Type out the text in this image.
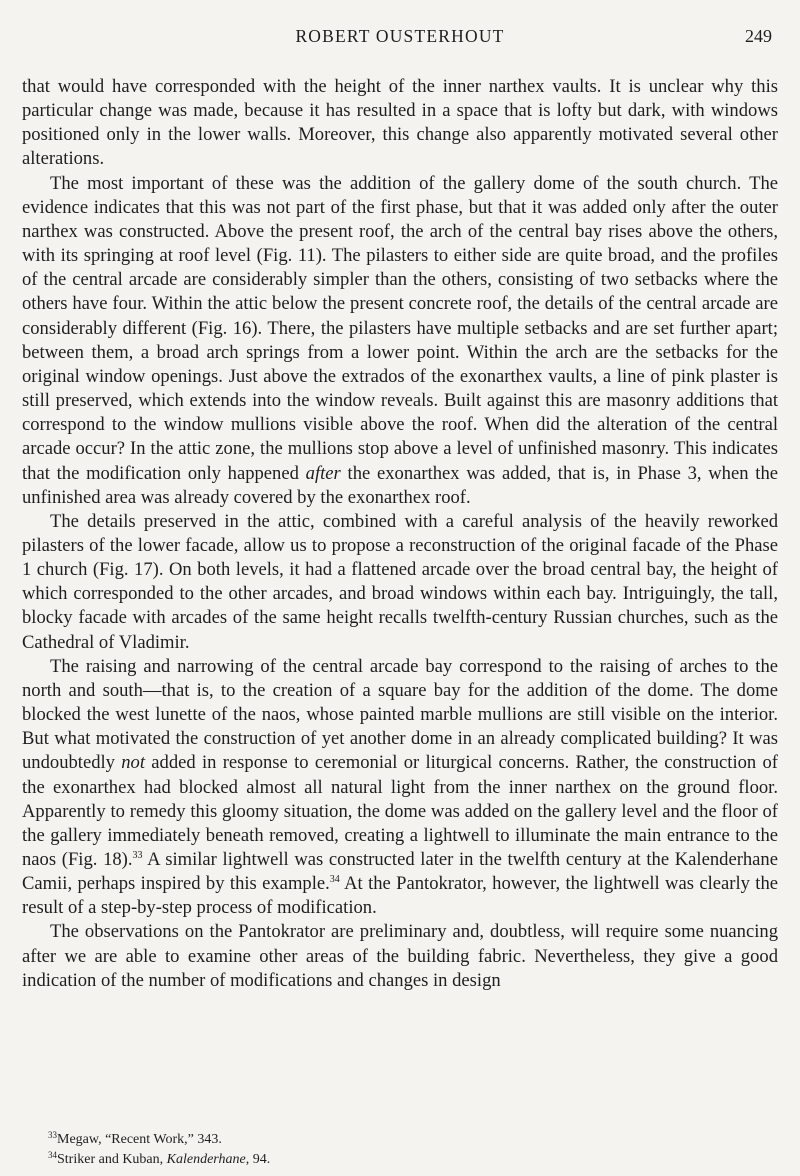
ROBERT OUSTERHOUT	249

that would have corresponded with the height of the inner narthex vaults. It is unclear why this particular change was made, because it has resulted in a space that is lofty but dark, with windows positioned only in the lower walls. Moreover, this change also apparently motivated several other alterations.

The most important of these was the addition of the gallery dome of the south church. The evidence indicates that this was not part of the first phase, but that it was added only after the outer narthex was constructed. Above the present roof, the arch of the central bay rises above the others, with its springing at roof level (Fig. 11). The pilasters to either side are quite broad, and the profiles of the central arcade are considerably simpler than the others, consisting of two setbacks where the others have four. Within the attic below the present concrete roof, the details of the central arcade are considerably different (Fig. 16). There, the pilasters have multiple setbacks and are set further apart; between them, a broad arch springs from a lower point. Within the arch are the setbacks for the original window openings. Just above the extrados of the exonarthex vaults, a line of pink plaster is still preserved, which extends into the window reveals. Built against this are masonry additions that correspond to the window mullions visible above the roof. When did the alteration of the central arcade occur? In the attic zone, the mullions stop above a level of unfinished masonry. This indicates that the modification only happened after the exonarthex was added, that is, in Phase 3, when the unfinished area was already covered by the exonarthex roof.

The details preserved in the attic, combined with a careful analysis of the heavily reworked pilasters of the lower facade, allow us to propose a reconstruction of the original facade of the Phase 1 church (Fig. 17). On both levels, it had a flattened arcade over the broad central bay, the height of which corresponded to the other arcades, and broad windows within each bay. Intriguingly, the tall, blocky facade with arcades of the same height recalls twelfth-century Russian churches, such as the Cathedral of Vladimir.

The raising and narrowing of the central arcade bay correspond to the raising of arches to the north and south—that is, to the creation of a square bay for the addition of the dome. The dome blocked the west lunette of the naos, whose painted marble mullions are still visible on the interior. But what motivated the construction of yet another dome in an already complicated building? It was undoubtedly not added in response to ceremonial or liturgical concerns. Rather, the construction of the exonarthex had blocked almost all natural light from the inner narthex on the ground floor. Apparently to remedy this gloomy situation, the dome was added on the gallery level and the floor of the gallery immediately beneath removed, creating a lightwell to illuminate the main entrance to the naos (Fig. 18).$^{33}$ A similar lightwell was constructed later in the twelfth century at the Kalenderhane Camii, perhaps inspired by this example.$^{34}$ At the Pantokrator, however, the lightwell was clearly the result of a step-by-step process of modification.

The observations on the Pantokrator are preliminary and, doubtless, will require some nuancing after we are able to examine other areas of the building fabric. Nevertheless, they give a good indication of the number of modifications and changes in design

$^{33}$Megaw, “Recent Work,” 343.
$^{34}$Striker and Kuban, Kalenderhane, 94.
